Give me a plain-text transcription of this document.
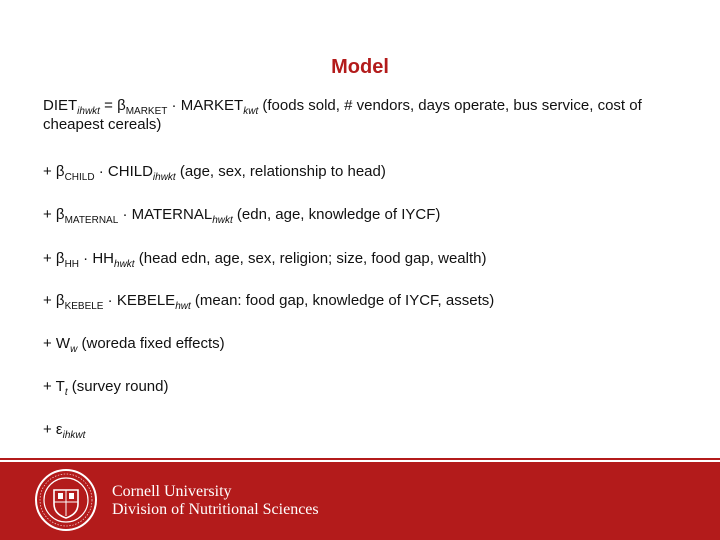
Model
$DIET_{ihwkt} = \beta_{MARKET}$ · $MARKET_{kwt}$ (foods sold, # vendors, days operate, bus service, cost of cheapest cereals)
+ $\beta_{CHILD}$ · $CHILD_{ihwkt}$ (age, sex, relationship to head)
+ $\beta_{MATERNAL}$ · $MATERNAL_{hwkt}$ (edn, age, knowledge of IYCF)
+ $\beta_{HH} \cdot HH_{hwkt}$ (head edn, age, sex, religion; size, food gap, wealth)
+ $\beta_{KEBELE}$ · $KEBELE_{hwt}$ (mean: food gap, knowledge of IYCF, assets)
+ $W_w$ (woreda fixed effects)
+ $T_t$ (survey round)
+ $\varepsilon_{ihkwt}$
Cornell University
Division of Nutritional Sciences
